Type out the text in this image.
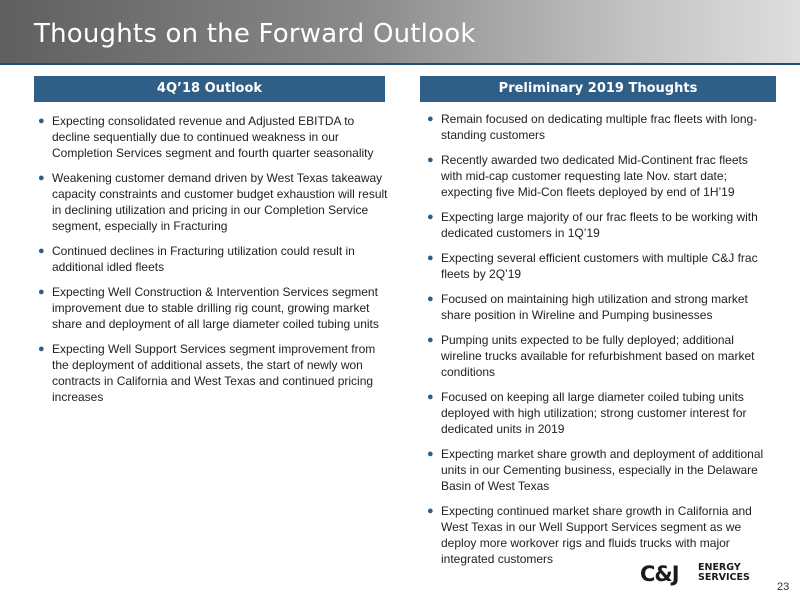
Thoughts on the Forward Outlook
4Q’18 Outlook	Preliminary 2019 Thoughts
● Expecting consolidated revenue and Adjusted EBITDA to decline sequentially due to continued weakness in our Completion Services segment and fourth quarter seasonality
● Weakening customer demand driven by West Texas takeaway capacity constraints and customer budget exhaustion will result in declining utilization and pricing in our Completion Service segment, especially in Fracturing
● Continued declines in Fracturing utilization could result in additional idled fleets
● Expecting Well Construction & Intervention Services segment improvement due to stable drilling rig count, growing market share and deployment of all large diameter coiled tubing units
● Expecting Well Support Services segment improvement from the deployment of additional assets, the start of newly won contracts in California and West Texas and continued pricing increases
● Remain focused on dedicating multiple frac fleets with long-standing customers
● Recently awarded two dedicated Mid-Continent frac fleets with mid-cap customer requesting late Nov. start date; expecting five Mid-Con fleets deployed by end of 1H’19
● Expecting large majority of our frac fleets to be working with dedicated customers in 1Q’19
● Expecting several efficient customers with multiple C&J frac fleets by 2Q’19
● Focused on maintaining high utilization and strong market share position in Wireline and Pumping businesses
● Pumping units expected to be fully deployed; additional wireline trucks available for refurbishment based on market conditions
● Focused on keeping all large diameter coiled tubing units deployed with high utilization; strong customer interest for dedicated units in 2019
● Expecting market share growth and deployment of additional units in our Cementing business, especially in the Delaware Basin of West Texas
● Expecting continued market share growth in California and West Texas in our Well Support Services segment as we deploy more workover rigs and fluids trucks with major integrated customers
C&J ENERGY
SERVICES
23
